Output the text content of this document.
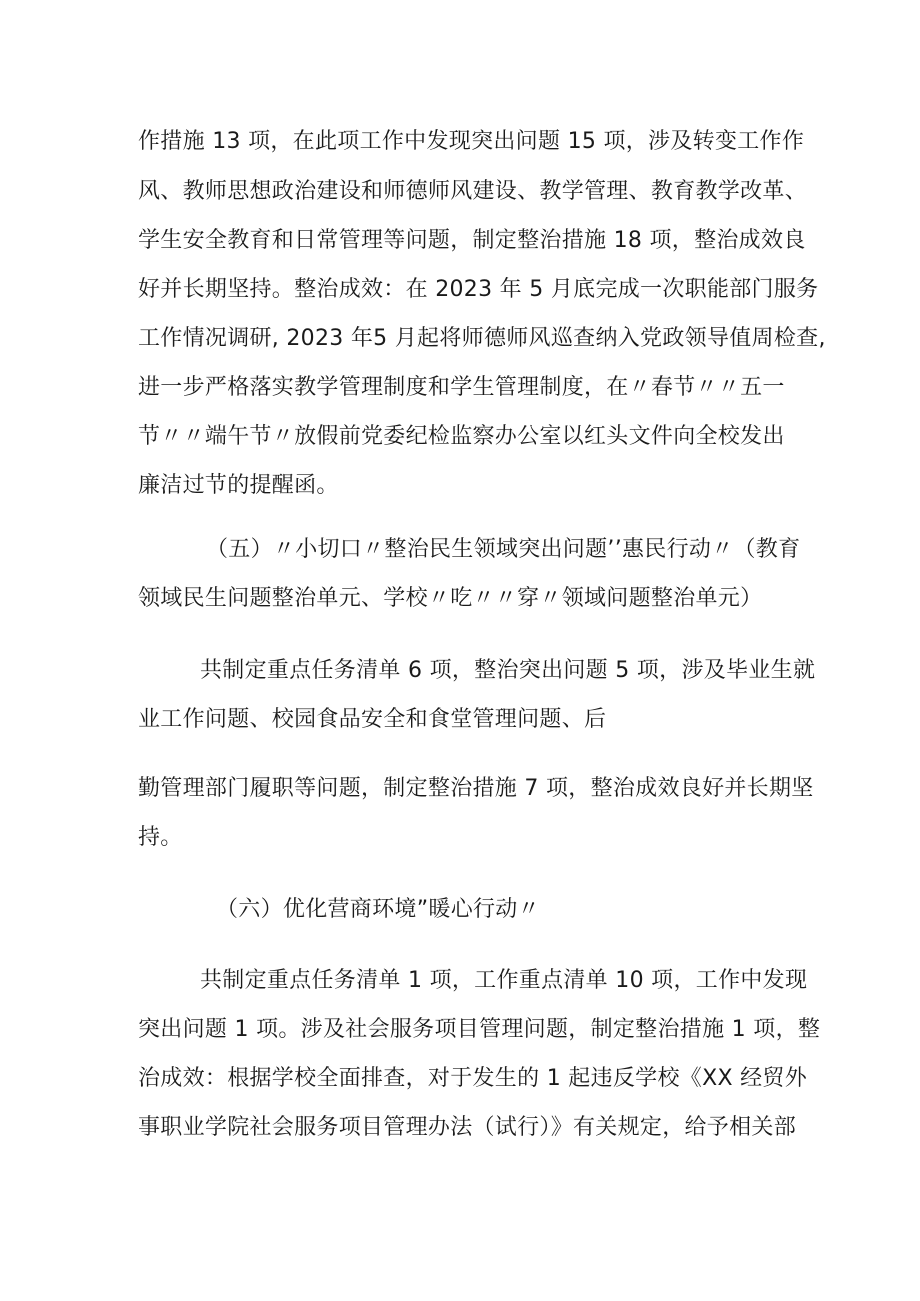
作措施 13 项，在此项工作中发现突出问题 15 项，涉及转变工作作
风、教师思想政治建设和师德师风建设、教学管理、教育教学改革、
学生安全教育和日常管理等问题，制定整治措施 18 项，整治成效良
好并长期坚持。整治成效：在 2023 年 5 月底完成一次职能部门服务
工作情况调研, 2023 年5 月起将师德师风巡查纳入党政领导值周检查,
进一步严格落实教学管理制度和学生管理制度，在〃春节〃〃五一
节〃〃端午节〃放假前党委纪检监察办公室以红头文件向全校发出
廉洁过节的提醒函。
（五）〃小切口〃整治民生领域突出问题’’惠民行动〃（教育
领域民生问题整治单元、学校〃吃〃〃穿〃领域问题整治单元）
共制定重点任务清单 6 项，整治突出问题 5 项，涉及毕业生就
业工作问题、校园食品安全和食堂管理问题、后
勤管理部门履职等问题，制定整治措施 7 项，整治成效良好并长期坚
持。
（六）优化营商环境”暖心行动〃
共制定重点任务清单 1 项，工作重点清单 10 项，工作中发现
突出问题 1 项。涉及社会服务项目管理问题，制定整治措施 1 项，整
治成效：根据学校全面排查，对于发生的 1 起违反学校《XX 经贸外
事职业学院社会服务项目管理办法（试行）》有关规定，给予相关部
